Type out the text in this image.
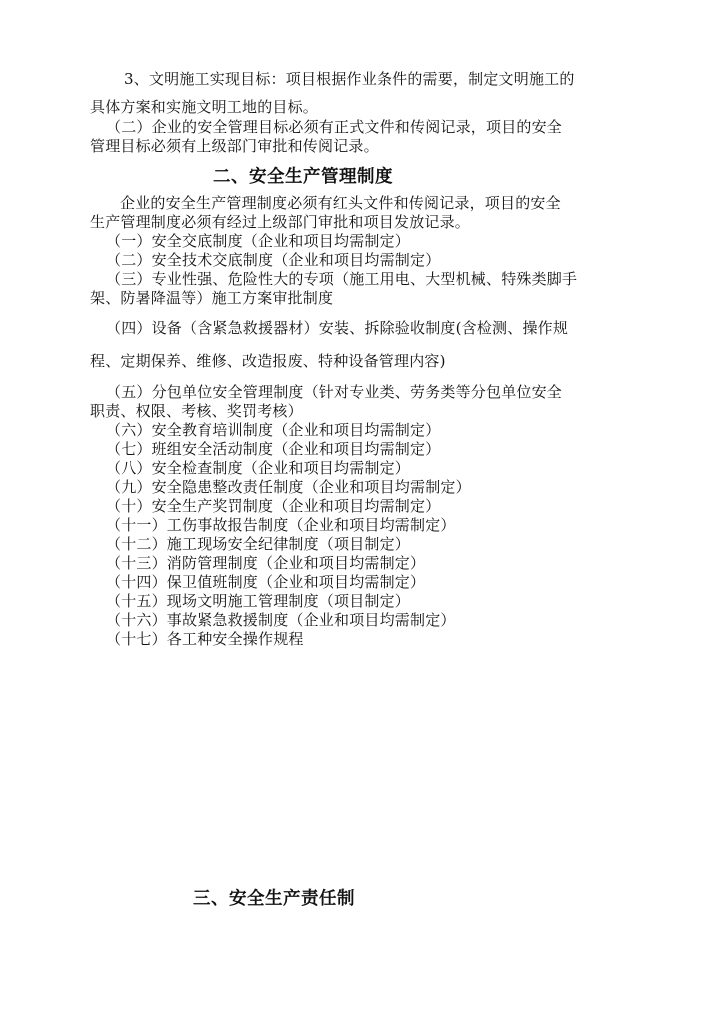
3、文明施工实现目标：项目根据作业条件的需要，制定文明施工的
具体方案和实施文明工地的目标。
（二）企业的安全管理目标必须有正式文件和传阅记录，项目的安全
管理目标必须有上级部门审批和传阅记录。
二、安全生产管理制度
企业的安全生产管理制度必须有红头文件和传阅记录，项目的安全
生产管理制度必须有经过上级部门审批和项目发放记录。
（一）安全交底制度（企业和项目均需制定）
（二）安全技术交底制度（企业和项目均需制定）
（三）专业性强、危险性大的专项（施工用电、大型机械、特殊类脚手
架、防暑降温等）施工方案审批制度
（四）设备（含紧急救援器材）安装、拆除验收制度(含检测、操作规
程、定期保养、维修、改造报废、特种设备管理内容)
（五）分包单位安全管理制度（针对专业类、劳务类等分包单位安全
职责、权限、考核、奖罚考核）
（六）安全教育培训制度（企业和项目均需制定）
（七）班组安全活动制度（企业和项目均需制定）
（八）安全检查制度（企业和项目均需制定）
（九）安全隐患整改责任制度（企业和项目均需制定）
（十）安全生产奖罚制度（企业和项目均需制定）
（十一）工伤事故报告制度（企业和项目均需制定）
（十二）施工现场安全纪律制度（项目制定）
（十三）消防管理制度（企业和项目均需制定）
（十四）保卫值班制度（企业和项目均需制定）
（十五）现场文明施工管理制度（项目制定）
（十六）事故紧急救援制度（企业和项目均需制定）
（十七）各工种安全操作规程
三、安全生产责任制
